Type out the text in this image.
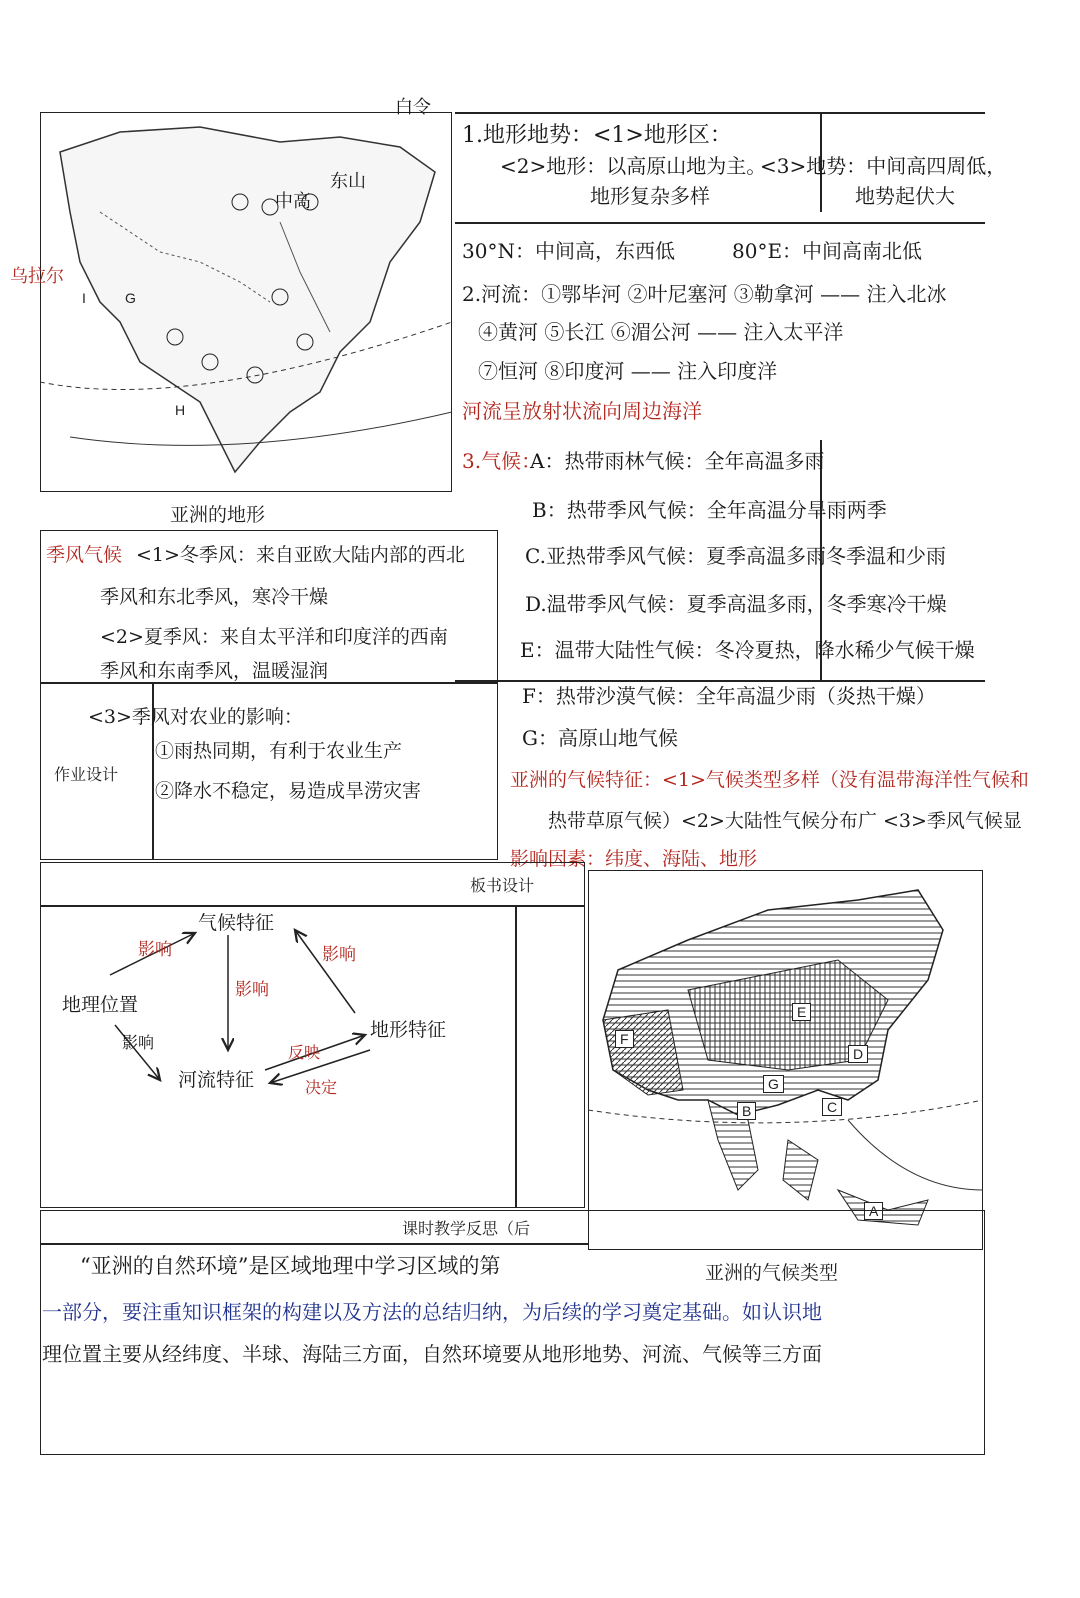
白令
乌拉尔
东山
中高
I
H
G
亚洲的地形
1.地形地势：<1>地形区：
<2>地形：以高原山地为主。
<3>地势：中间高四周低，
地形复杂多样	地势起伏大
30°N：中间高，东西低	80°E：中间高南北低
2.河流：①鄂毕河 ②叶尼塞河 ③勒拿河 —— 注入北冰
④黄河 ⑤长江 ⑥湄公河 —— 注入太平洋
⑦恒河 ⑧印度河 —— 注入印度洋
河流呈放射状流向周边海洋
3.气候：
A：热带雨林气候：全年高温多雨
B：热带季风气候：全年高温分旱雨两季
C.亚热带季风气候：夏季高温多雨冬季温和少雨
D.温带季风气候：夏季高温多雨，冬季寒冷干燥
E：温带大陆性气候：冬冷夏热，降水稀少气候干燥
F：热带沙漠气候：全年高温少雨（炎热干燥）
G：高原山地气候
亚洲的气候特征：<1>气候类型多样（没有温带海洋性气候和
热带草原气候）<2>大陆性气候分布广 <3>季风气候显
影响因素：纬度、海陆、地形
季风气候 <1>冬季风：来自亚欧大陆内部的西北
季风和东北季风，寒冷干燥
<2>夏季风：来自太平洋和印度洋的西南
季风和东南季风，温暖湿润
<3>季风对农业的影响：
①雨热同期，有利于农业生产
②降水不稳定，易造成旱涝灾害
作业设计
板书设计
气候特征
地理位置
地形特征
河流特征
影响
影响
影响
影响
反映
决定
E
F
D
G
B	C
A
亚洲的气候类型
课时教学反思（后
“亚洲的自然环境”是区域地理中学习区域的第
一部分，要注重知识框架的构建以及方法的总结归纳，为后续的学习奠定基础。如认识地
理位置主要从经纬度、半球、海陆三方面，自然环境要从地形地势、河流、气候等三方面
